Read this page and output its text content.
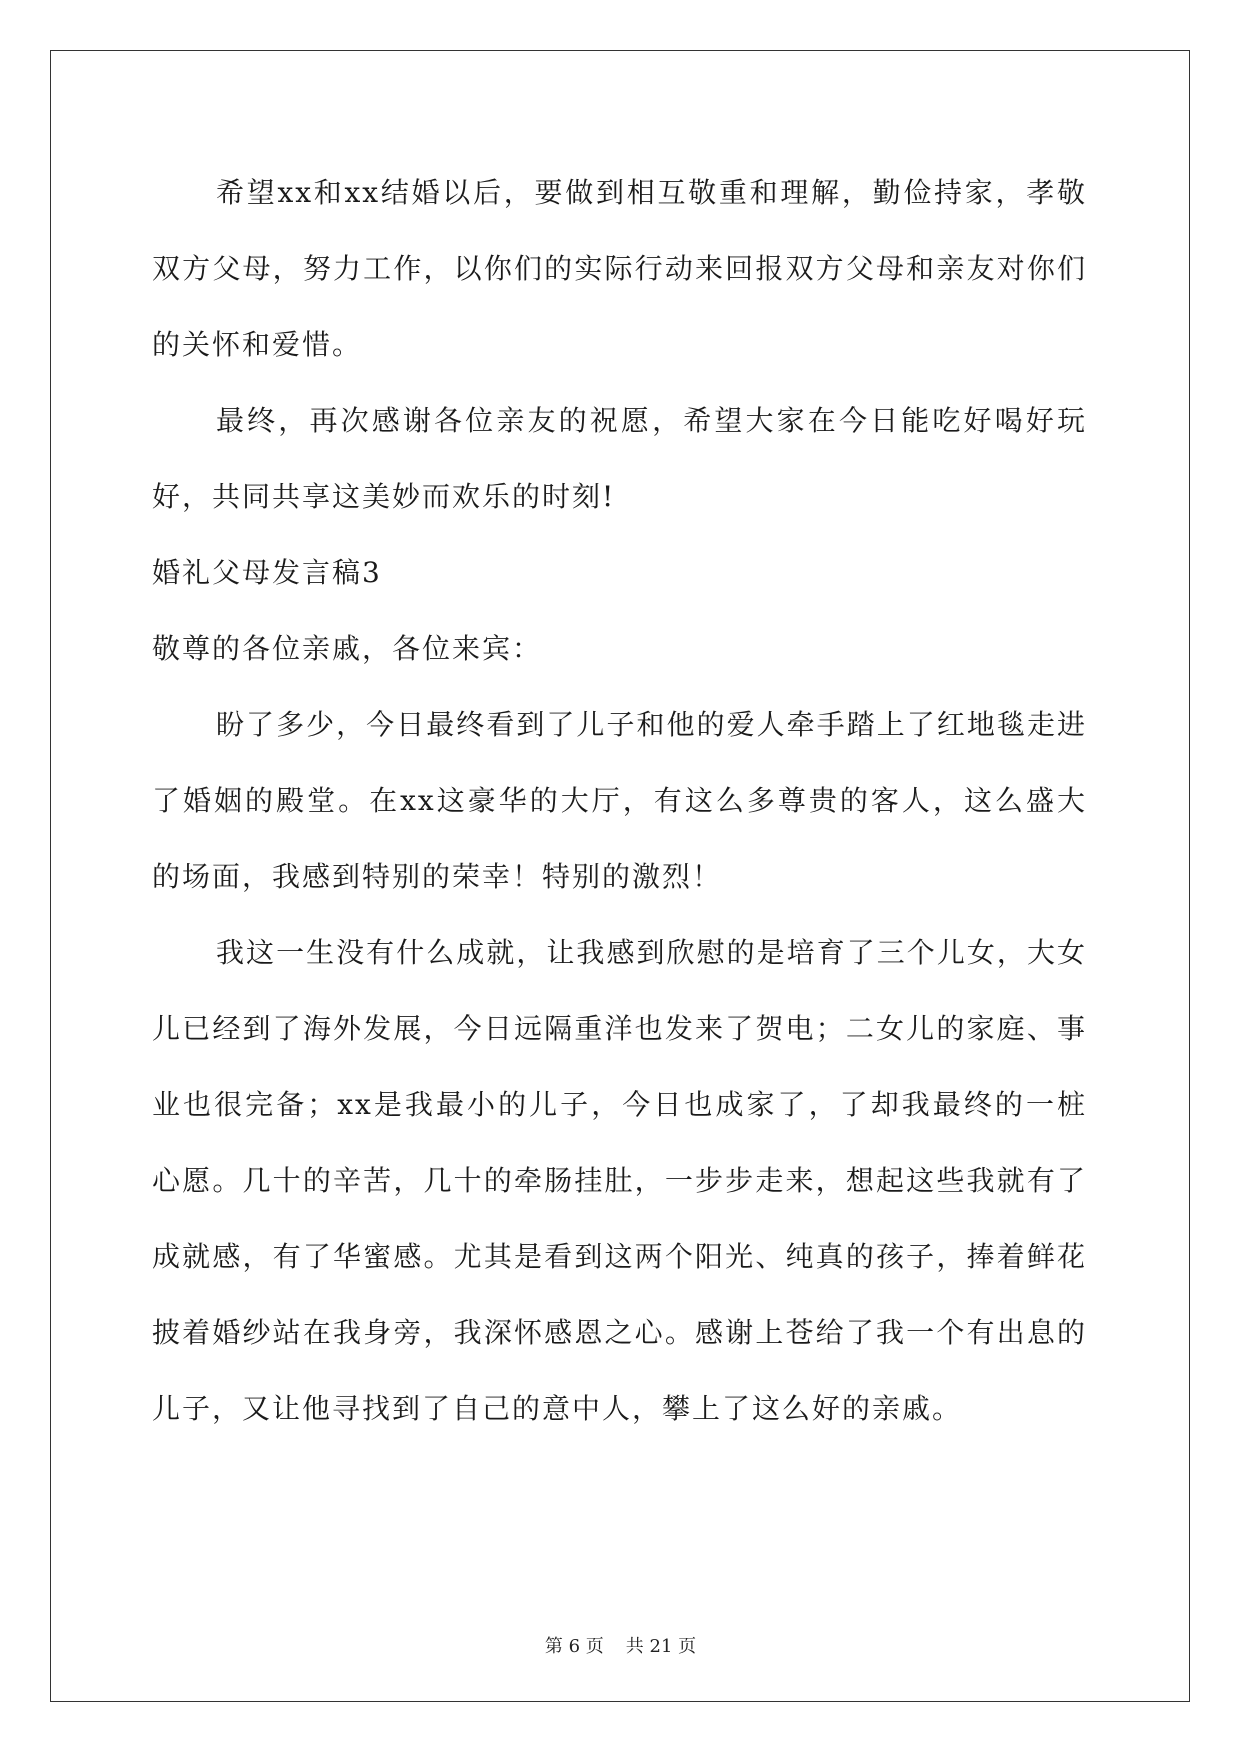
希望xx和xx结婚以后，要做到相互敬重和理解，勤俭持家，孝敬双方父母，努力工作，以你们的实际行动来回报双方父母和亲友对你们的关怀和爱惜。

最终，再次感谢各位亲友的祝愿，希望大家在今日能吃好喝好玩好，共同共享这美妙而欢乐的时刻!

婚礼父母发言稿3

敬尊的各位亲戚，各位来宾：

盼了多少，今日最终看到了儿子和他的爱人牵手踏上了红地毯走进了婚姻的殿堂。在xx这豪华的大厅，有这么多尊贵的客人，这么盛大的场面，我感到特别的荣幸！特别的激烈！

我这一生没有什么成就，让我感到欣慰的是培育了三个儿女，大女儿已经到了海外发展，今日远隔重洋也发来了贺电；二女儿的家庭、事业也很完备；xx是我最小的儿子，今日也成家了，了却我最终的一桩心愿。几十的辛苦，几十的牵肠挂肚，一步步走来，想起这些我就有了成就感，有了华蜜感。尤其是看到这两个阳光、纯真的孩子，捧着鲜花披着婚纱站在我身旁，我深怀感恩之心。感谢上苍给了我一个有出息的儿子，又让他寻找到了自己的意中人，攀上了这么好的亲戚。

第 6 页 共 21 页
